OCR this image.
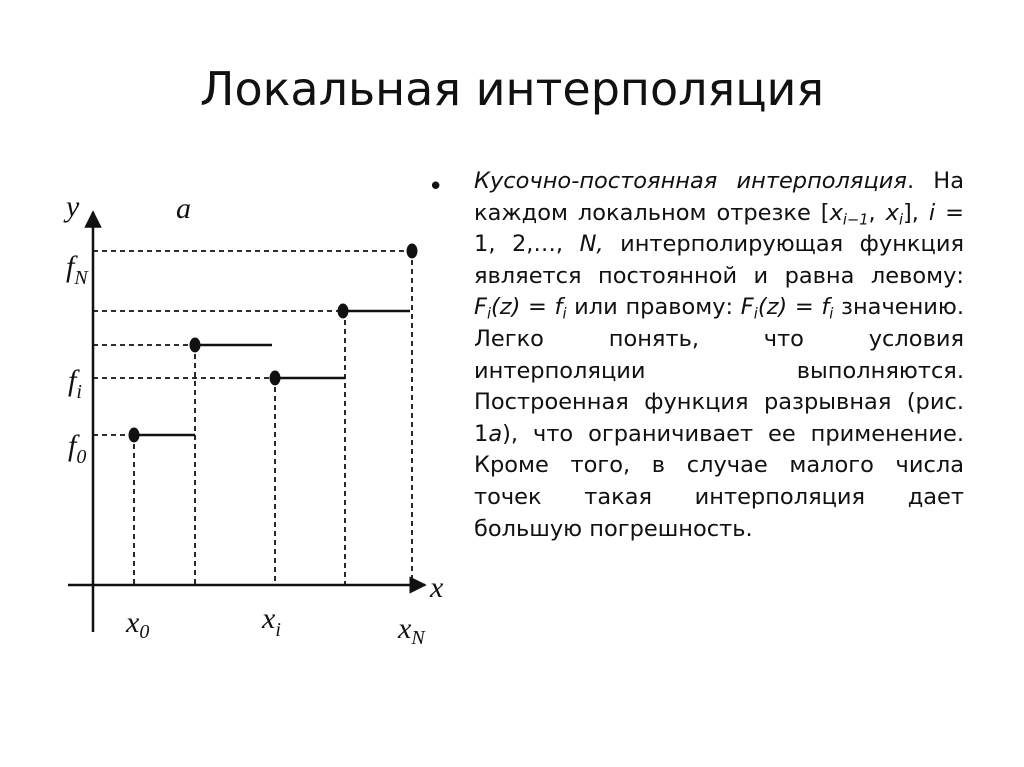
Локальная интерполяция
a
y
x
$f_N$
$f_i$
$f_0$
$x_0$	$x_i$	$x_N$
• Кусочно-постоянная интерполяция. На каждом локальном отрезке [$x_{i-1}$, $x_i$], i = 1, 2,…, N, интерполирующая функция является постоянной и равна левому: $F_i(z) = f_i$ или правому: $F_i(z) = f_i$ значению. Легко понять, что условия интерполяции выполняются. Построенная функция разрывная (рис. 1a), что ограничивает ее применение. Кроме того, в случае малого числа точек такая интерполяция дает большую погрешность.
